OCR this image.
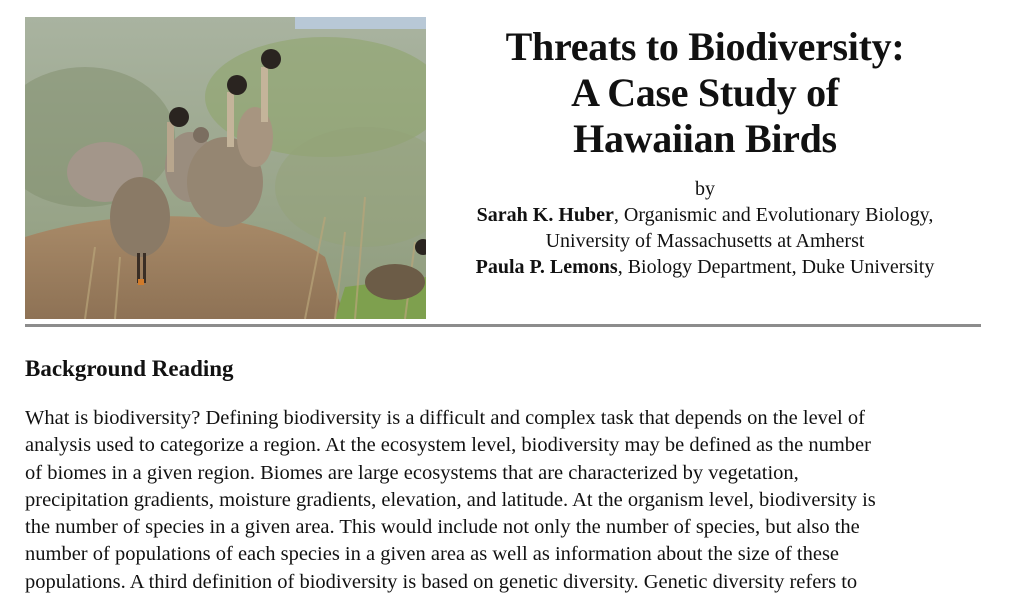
Threats to Biodiversity:
A Case Study of
Hawaiian Birds
by
Sarah K. Huber, Organismic and Evolutionary Biology,
University of Massachusetts at Amherst
Paula P. Lemons, Biology Department, Duke University
Background Reading
What is biodiversity? Defining biodiversity is a difficult and complex task that depends on the level of
analysis used to categorize a region. At the ecosystem level, biodiversity may be defined as the number
of biomes in a given region. Biomes are large ecosystems that are characterized by vegetation,
precipitation gradients, moisture gradients, elevation, and latitude. At the organism level, biodiversity is
the number of species in a given area. This would include not only the number of species, but also the
number of populations of each species in a given area as well as information about the size of these
populations. A third definition of biodiversity is based on genetic diversity. Genetic diversity refers to
